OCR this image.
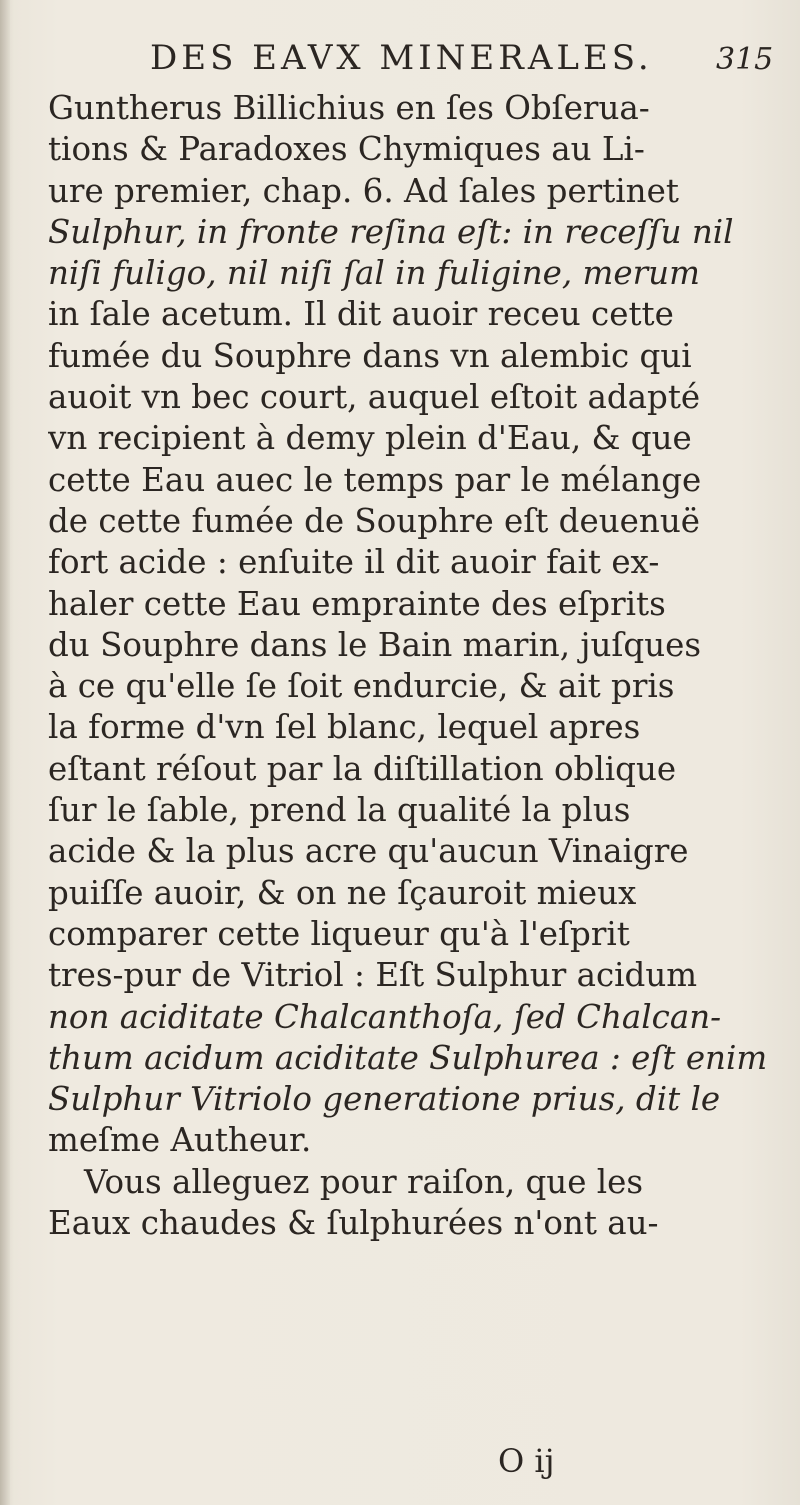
DES EAVX MINERALES.	315
Guntherus Billichius en ſes Obſerua-
tions & Paradoxes Chymiques au Li-
ure premier, chap. 6. Ad ſales pertinet
Sulphur, in fronte reſina eſt: in receſſu nil
niſi fuligo, nil niſi ſal in fuligine, merum
in ſale acetum. Il dit auoir receu cette
fumée du Souphre dans vn alembic qui
auoit vn bec court, auquel eſtoit adapté
vn recipient à demy plein d'Eau, & que
cette Eau auec le temps par le mélange
de cette fumée de Souphre eſt deuenuë
fort acide : enſuite il dit auoir fait ex-
haler cette Eau emprainte des eſprits
du Souphre dans le Bain marin, juſques
à ce qu'elle ſe ſoit endurcie, & ait pris
la forme d'vn ſel blanc, lequel apres
eſtant réſout par la diſtillation oblique
ſur le ſable, prend la qualité la plus
acide & la plus acre qu'aucun Vinaigre
puiſſe auoir, & on ne ſçauroit mieux
comparer cette liqueur qu'à l'eſprit
tres-pur de Vitriol : Eſt Sulphur acidum
non aciditate Chalcanthoſa, ſed Chalcan-
thum acidum aciditate Sulphurea : eſt enim
Sulphur Vitriolo generatione prius, dit le
meſme Autheur.
Vous alleguez pour raiſon, que les
Eaux chaudes & ſulphurées n'ont au-
O ij
